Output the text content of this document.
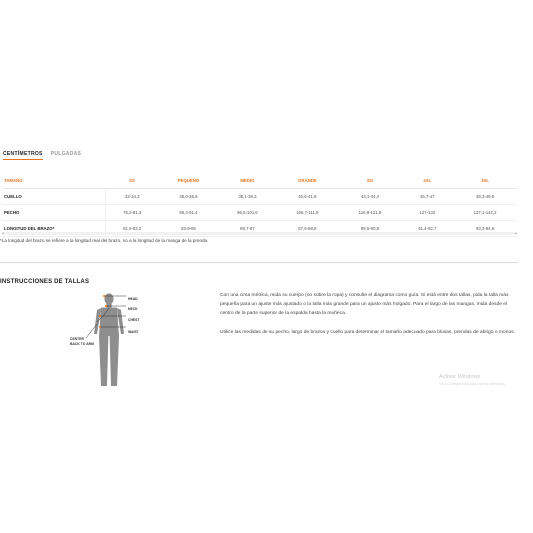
CENTÍMETROS PULGADAS
TAMAÑO	XS	PEQUEÑO	MEDIO	GRANDE	SG	2XL	3XL
CUELLO	33-34,3	35,6-36,8	38,1-39,3	40,6-41,9	43,1-44,4	45,7-47	48,3-49,5
PECHO	76,2-81,3	86,4-91,4	96,5-101,6	106,7-111,8	116,8-121,9	127-132	137,1-142,2
LONGITUD DEL BRAZO*	81,9-83,2	83-9-85	85,7-87	87,6-88,9	89,5-90,8	91,4-92,7	93,3-94,6
◂	▸
*La longitud del brazo se refiere a la longitud real del brazo, no a la longitud de la manga de la prenda.
INSTRUCCIONES DE TALLAS
HEAD
NECK
CHEST
WAIST
CENTER
BACK TO ARM

Con una cinta métrica, mida su cuerpo (no sobre la ropa) y consulte el diagrama como guía. Si está entre dos tallas, pida la talla más pequeña para un ajuste más ajustado o la talla más grande para un ajuste más holgado. Para el largo de las mangas, mida desde el centro de la parte superior de la espalda hasta la muñeca.

Utilice las medidas de su pecho, largo de brazos y cuello para determinar el tamaño adecuado para blusas, prendas de abrigo o monos.

Activar Windows
Ve a Configuración para activar Windows.
